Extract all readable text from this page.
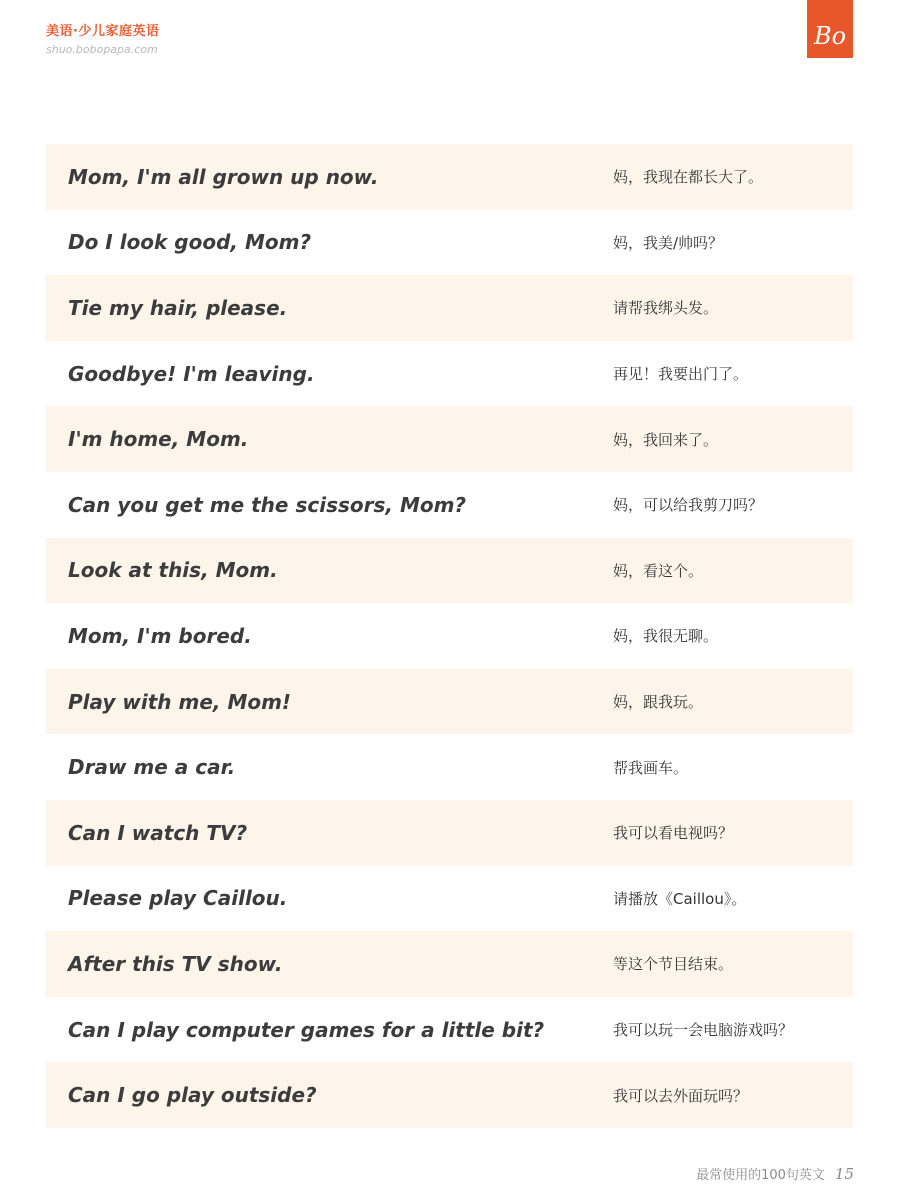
美语·少儿家庭英语
shuo.bobopapa.com	Bo
Mom, I'm all grown up now.	妈，我现在都长大了。
Do I look good, Mom?	妈，我美/帅吗？
Tie my hair, please.	请帮我绑头发。
Goodbye! I'm leaving.	再见！我要出门了。
I'm home, Mom.	妈，我回来了。
Can you get me the scissors, Mom?	妈，可以给我剪刀吗？
Look at this, Mom.	妈，看这个。
Mom, I'm bored.	妈，我很无聊。
Play with me, Mom!	妈，跟我玩。
Draw me a car.	帮我画车。
Can I watch TV?	我可以看电视吗？
Please play Caillou.	请播放《Caillou》。
After this TV show.	等这个节目结束。
Can I play computer games for a little bit?	我可以玩一会电脑游戏吗？
Can I go play outside?	我可以去外面玩吗？
最常使用的100句英文 15
